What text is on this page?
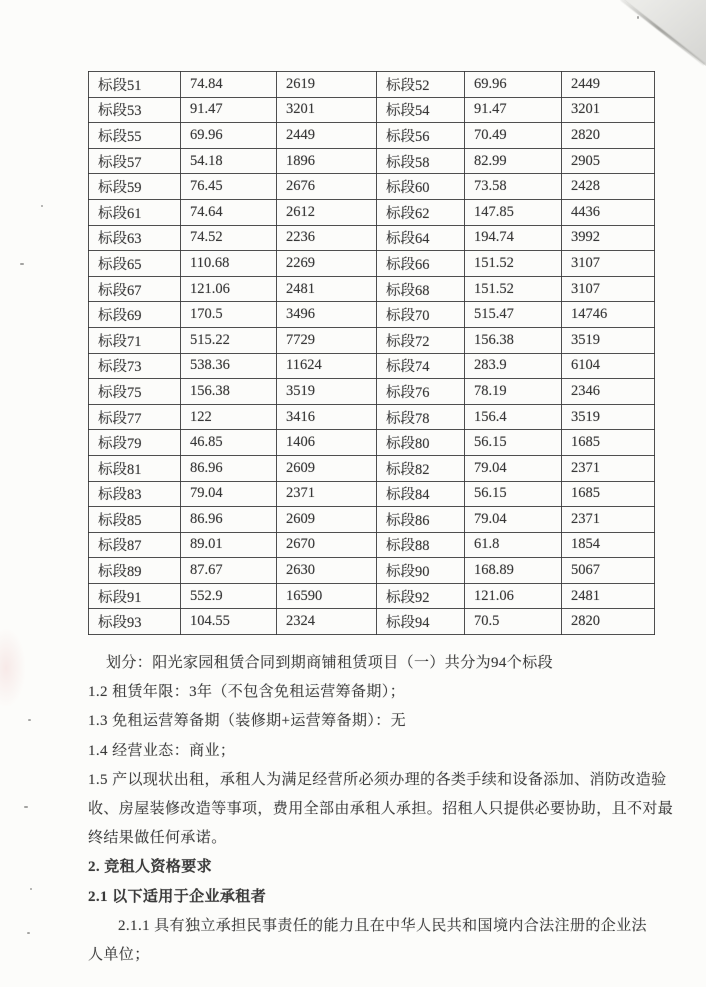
标段51	74.84	2619	标段52	69.96	2449
标段53	91.47	3201	标段54	91.47	3201
标段55	69.96	2449	标段56	70.49	2820
标段57	54.18	1896	标段58	82.99	2905
标段59	76.45	2676	标段60	73.58	2428
标段61	74.64	2612	标段62	147.85	4436
标段63	74.52	2236	标段64	194.74	3992
标段65	110.68	2269	标段66	151.52	3107
标段67	121.06	2481	标段68	151.52	3107
标段69	170.5	3496	标段70	515.47	14746
标段71	515.22	7729	标段72	156.38	3519
标段73	538.36	11624	标段74	283.9	6104
标段75	156.38	3519	标段76	78.19	2346
标段77	122	3416	标段78	156.4	3519
标段79	46.85	1406	标段80	56.15	1685
标段81	86.96	2609	标段82	79.04	2371
标段83	79.04	2371	标段84	56.15	1685
标段85	86.96	2609	标段86	79.04	2371
标段87	89.01	2670	标段88	61.8	1854
标段89	87.67	2630	标段90	168.89	5067
标段91	552.9	16590	标段92	121.06	2481
标段93	104.55	2324	标段94	70.5	2820
划分：阳光家园租赁合同到期商铺租赁项目（一）共分为94个标段
1.2 租赁年限：3年（不包含免租运营筹备期）；
1.3 免租运营筹备期（装修期+运营筹备期）：无
1.4 经营业态：商业；
1.5 产以现状出租，承租人为满足经营所必须办理的各类手续和设备添加、消防改造验
收、房屋装修改造等事项，费用全部由承租人承担。招租人只提供必要协助，且不对最
终结果做任何承诺。
2. 竞租人资格要求
2.1 以下适用于企业承租者
2.1.1 具有独立承担民事责任的能力且在中华人民共和国境内合法注册的企业法
人单位；
